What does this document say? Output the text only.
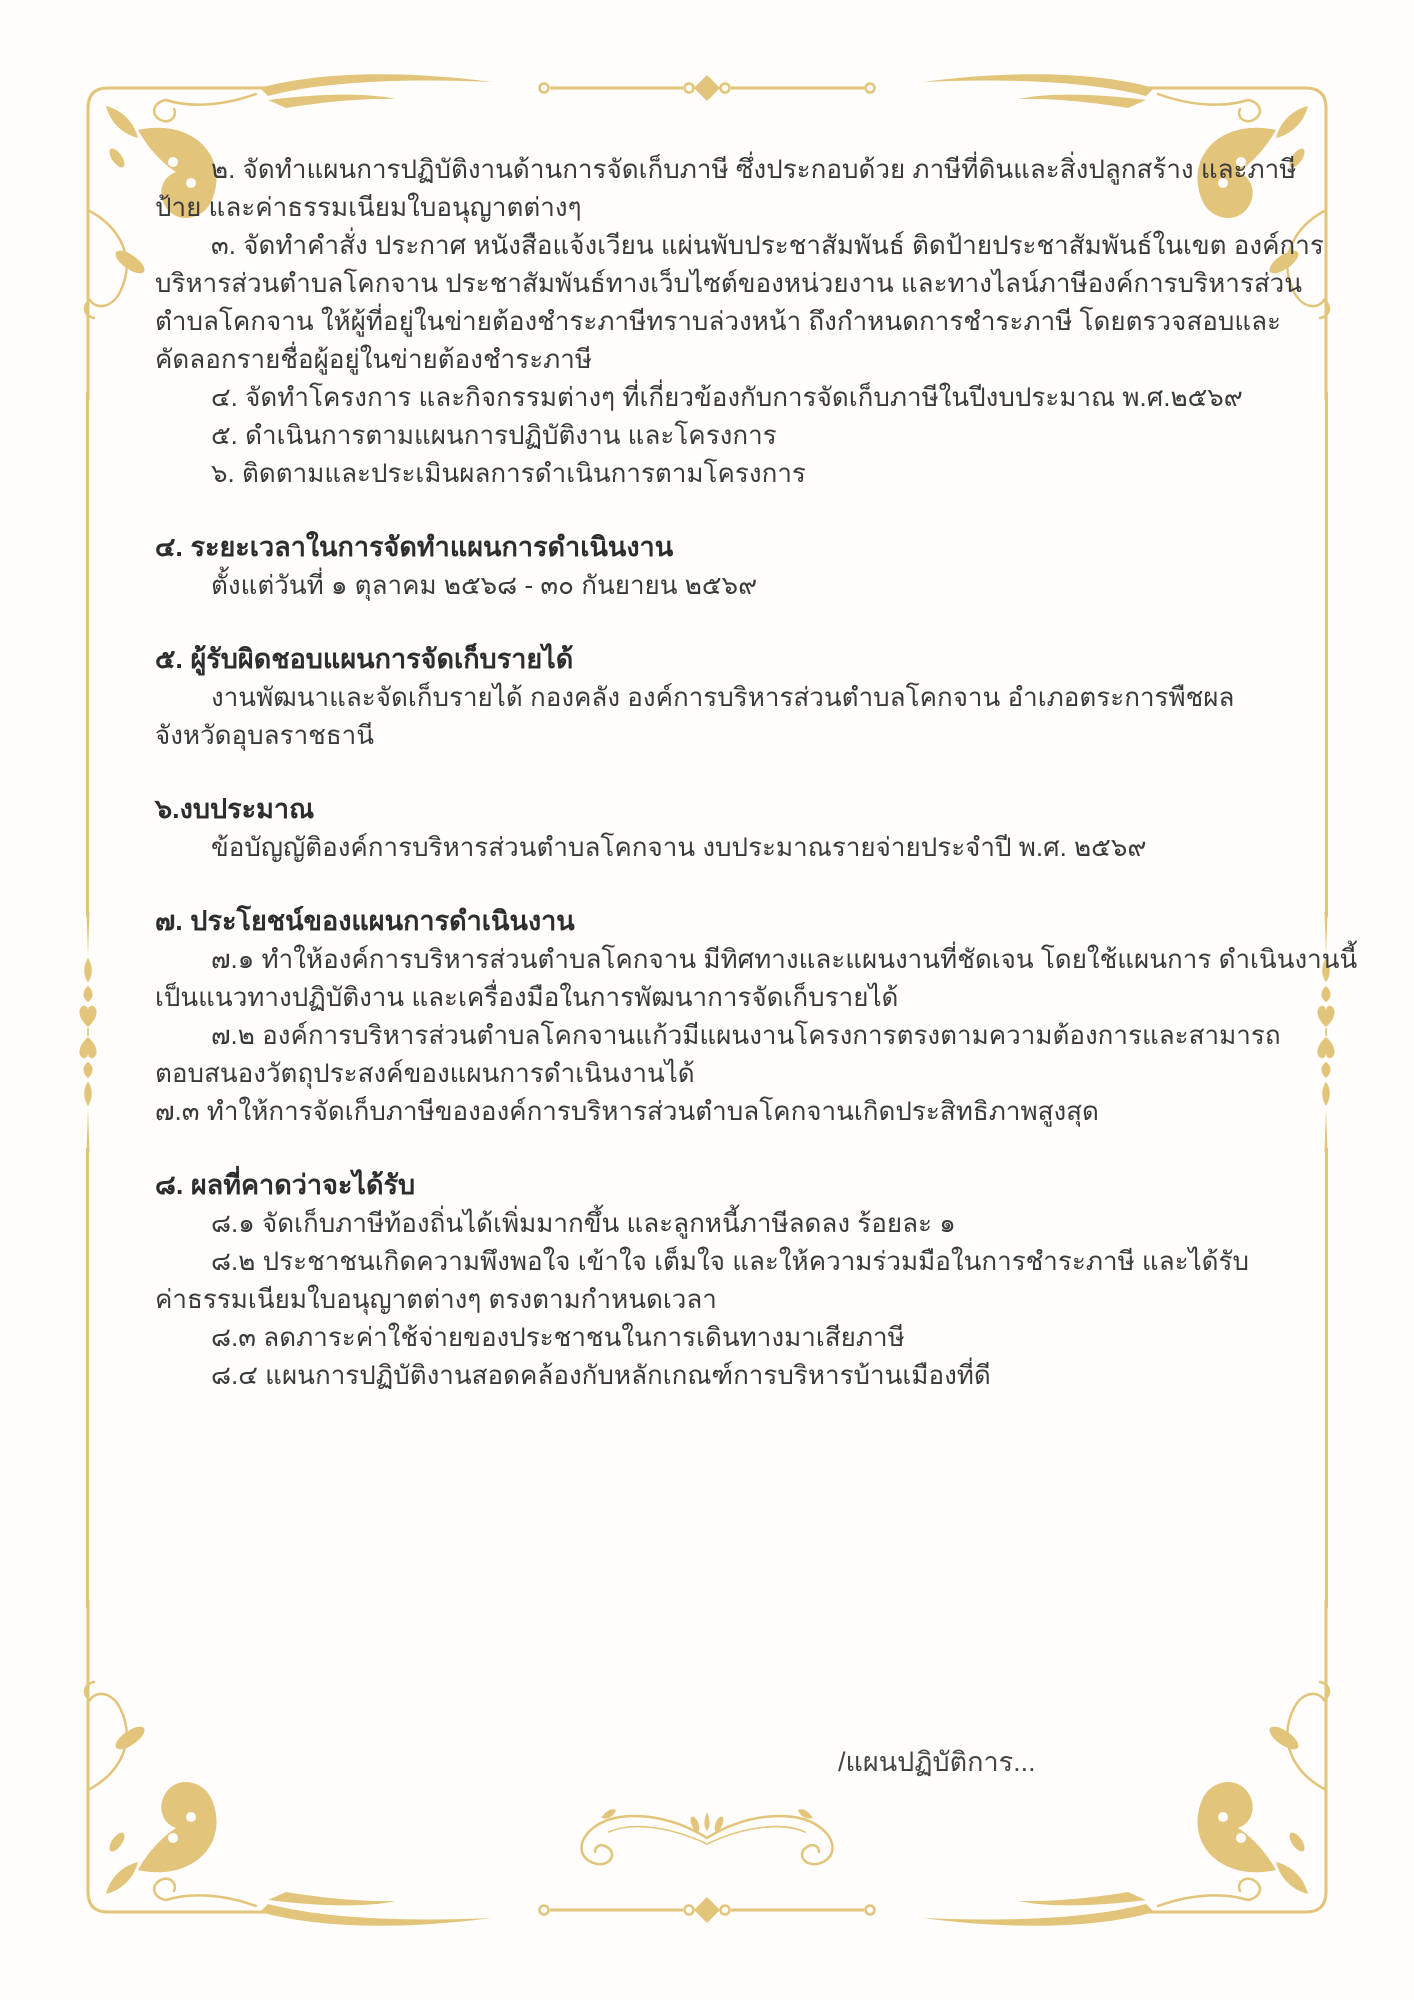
๒. จัดทำแผนการปฏิบัติงานด้านการจัดเก็บภาษี ซึ่งประกอบด้วย ภาษีที่ดินและสิ่งปลูกสร้าง และภาษี

ป้าย และค่าธรรมเนียมใบอนุญาตต่างๆ

๓. จัดทำคำสั่ง ประกาศ หนังสือแจ้งเวียน แผ่นพับประชาสัมพันธ์ ติดป้ายประชาสัมพันธ์ในเขต องค์การ

บริหารส่วนตำบลโคกจาน ประชาสัมพันธ์ทางเว็บไซต์ของหน่วยงาน และทางไลน์ภาษีองค์การบริหารส่วน

ตำบลโคกจาน ให้ผู้ที่อยู่ในข่ายต้องชำระภาษีทราบล่วงหน้า ถึงกำหนดการชำระภาษี โดยตรวจสอบและ

คัดลอกรายชื่อผู้อยู่ในข่ายต้องชำระภาษี

๔. จัดทำโครงการ และกิจกรรมต่างๆ ที่เกี่ยวข้องกับการจัดเก็บภาษีในปีงบประมาณ พ.ศ.๒๕๖๙

๕. ดำเนินการตามแผนการปฏิบัติงาน และโครงการ

๖. ติดตามและประเมินผลการดำเนินการตามโครงการ

๔. ระยะเวลาในการจัดทำแผนการดำเนินงาน

ตั้งแต่วันที่ ๑ ตุลาคม ๒๕๖๘ - ๓๐ กันยายน ๒๕๖๙

๕. ผู้รับผิดชอบแผนการจัดเก็บรายได้

งานพัฒนาและจัดเก็บรายได้ กองคลัง องค์การบริหารส่วนตำบลโคกจาน อำเภอตระการพืชผล

จังหวัดอุบลราชธานี

๖.งบประมาณ

ข้อบัญญัติองค์การบริหารส่วนตำบลโคกจาน งบประมาณรายจ่ายประจำปี พ.ศ. ๒๕๖๙

๗. ประโยชน์ของแผนการดำเนินงาน

๗.๑ ทำให้องค์การบริหารส่วนตำบลโคกจาน มีทิศทางและแผนงานที่ชัดเจน โดยใช้แผนการ ดำเนินงานนี้

เป็นแนวทางปฏิบัติงาน และเครื่องมือในการพัฒนาการจัดเก็บรายได้

๗.๒ องค์การบริหารส่วนตำบลโคกจานแก้วมีแผนงานโครงการตรงตามความต้องการและสามารถ

ตอบสนองวัตถุประสงค์ของแผนการดำเนินงานได้

๗.๓ ทำให้การจัดเก็บภาษีขององค์การบริหารส่วนตำบลโคกจานเกิดประสิทธิภาพสูงสุด

๘. ผลที่คาดว่าจะได้รับ

๘.๑ จัดเก็บภาษีท้องถิ่นได้เพิ่มมากขึ้น และลูกหนี้ภาษีลดลง ร้อยละ ๑

๘.๒ ประชาชนเกิดความพึงพอใจ เข้าใจ เต็มใจ และให้ความร่วมมือในการชำระภาษี และได้รับ

ค่าธรรมเนียมใบอนุญาตต่างๆ ตรงตามกำหนดเวลา

๘.๓ ลดภาระค่าใช้จ่ายของประชาชนในการเดินทางมาเสียภาษี

๘.๔ แผนการปฏิบัติงานสอดคล้องกับหลักเกณฑ์การบริหารบ้านเมืองที่ดี

/แผนปฏิบัติการ...
